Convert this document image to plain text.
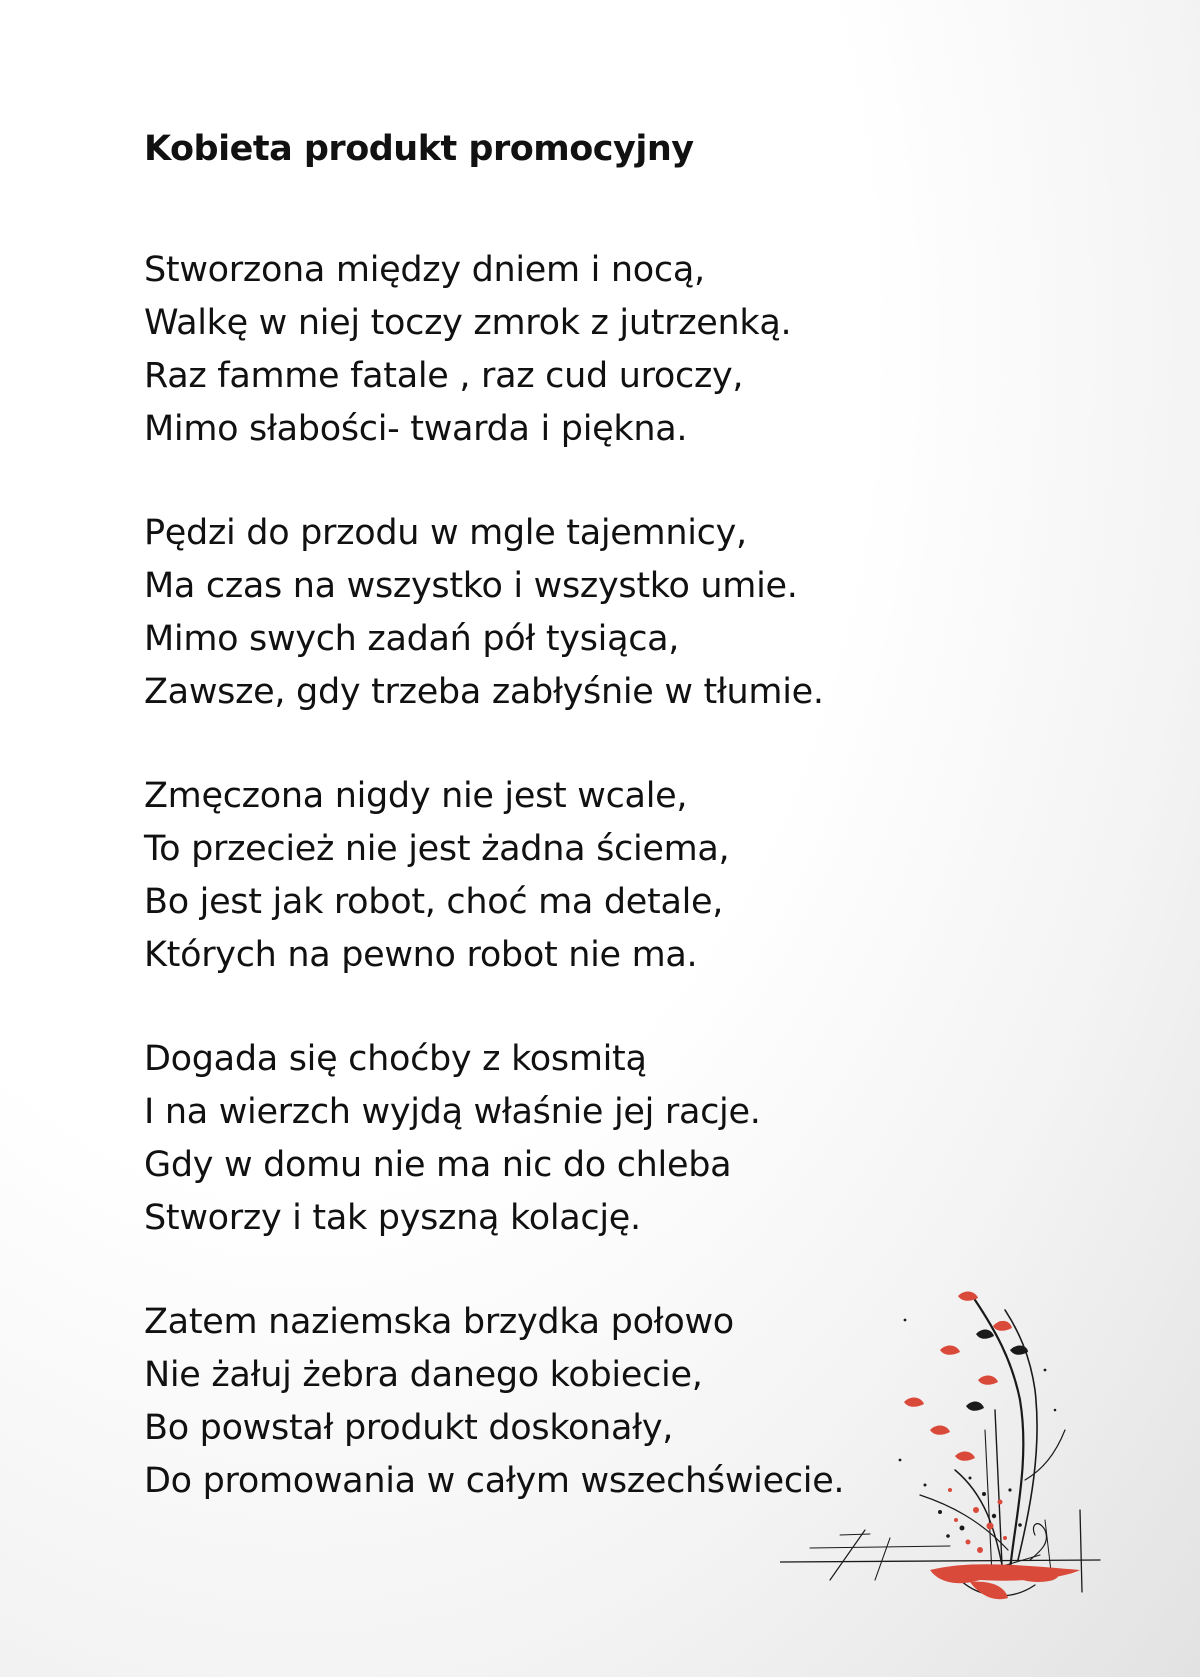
Kobieta produkt promocyjny
Stworzona między dniem i nocą,
Walkę w niej toczy zmrok z jutrzenką.
Raz famme fatale , raz cud uroczy,
Mimo słabości- twarda i piękna.
Pędzi do przodu w mgle tajemnicy,
Ma czas na wszystko i wszystko umie.
Mimo swych zadań pół tysiąca,
Zawsze, gdy trzeba zabłyśnie w tłumie.
Zmęczona nigdy nie jest wcale,
To przecież nie jest żadna ściema,
Bo jest jak robot, choć ma detale,
Których na pewno robot nie ma.
Dogada się choćby z kosmitą
I na wierzch wyjdą właśnie jej racje.
Gdy w domu nie ma nic do chleba
Stworzy i tak pyszną kolację.
Zatem naziemska brzydka połowo
Nie żałuj żebra danego kobiecie,
Bo powstał produkt doskonały,
Do promowania w całym wszechświecie.
